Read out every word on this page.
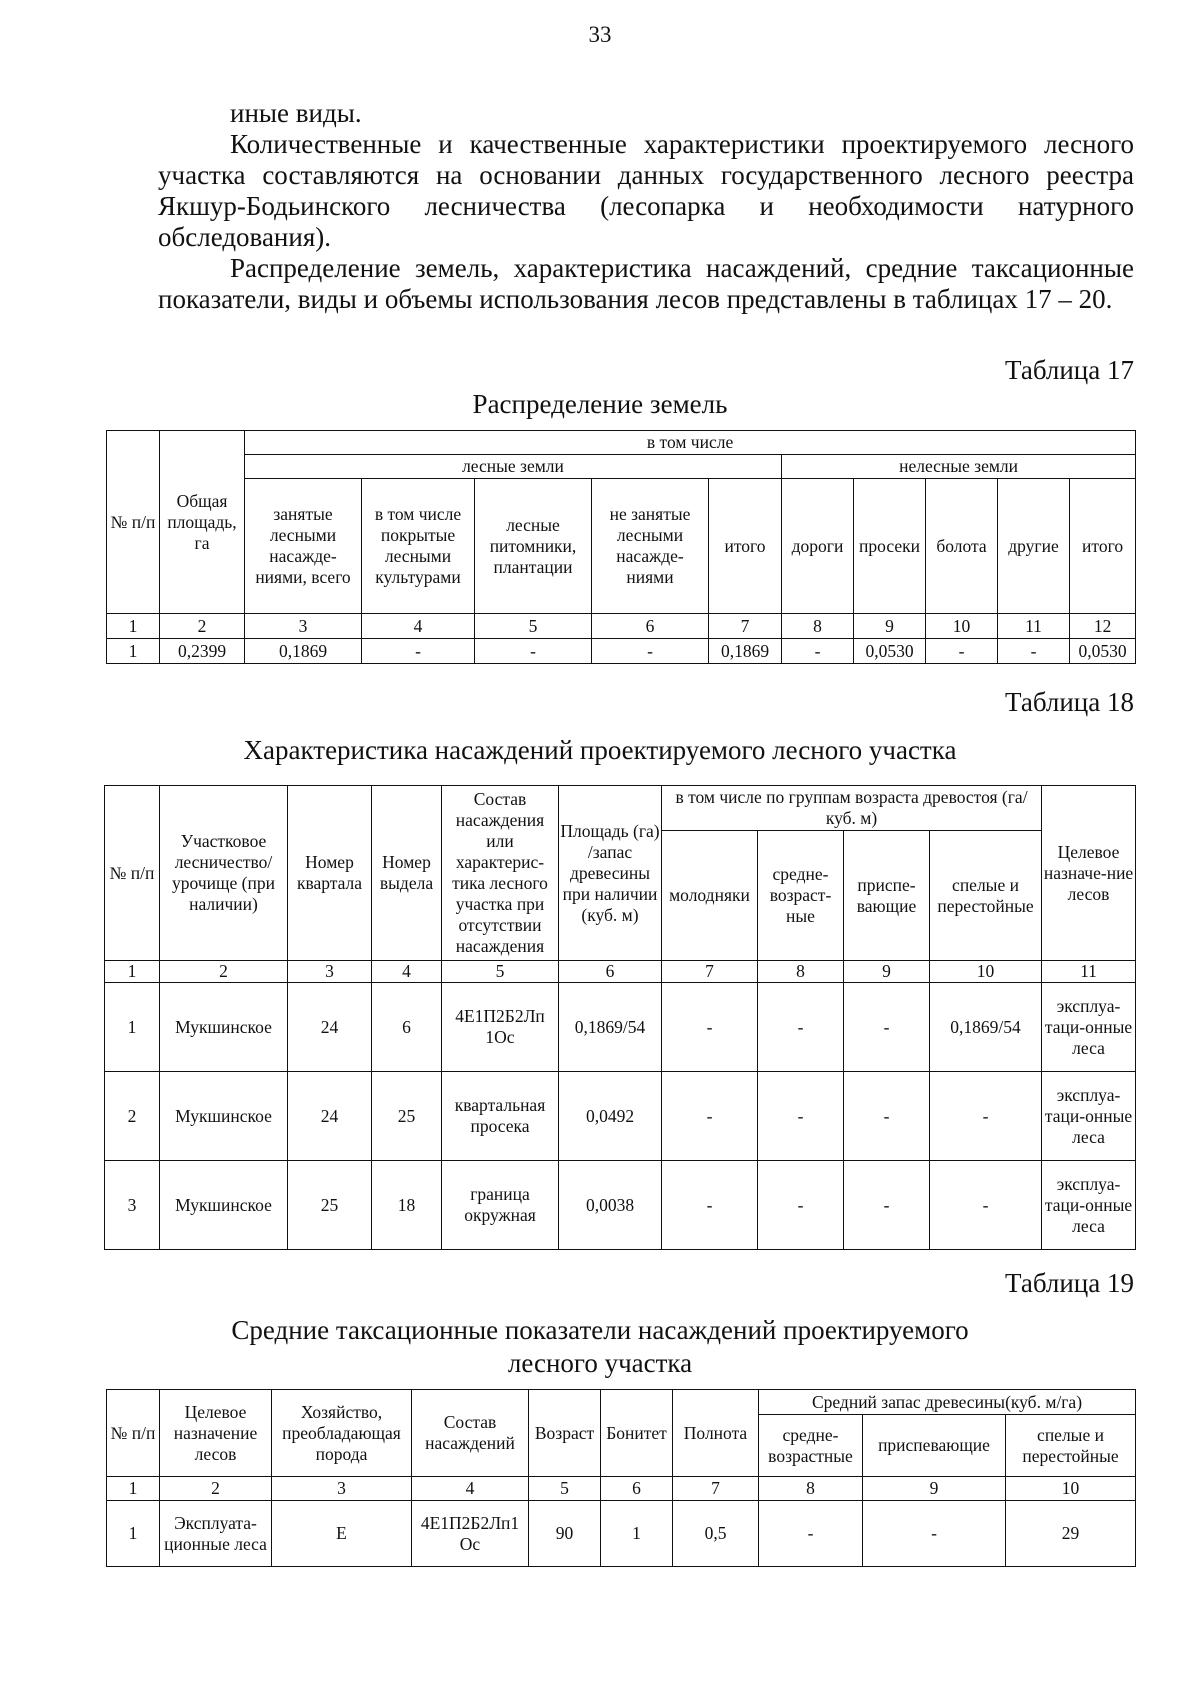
33

иные виды.

Количественные и качественные характеристики проектируемого лесного участка составляются на основании данных государственного лесного реестра Якшур-Бодьинского лесничества (лесопарка и необходимости натурного обследования).

Распределение земель, характеристика насаждений, средние таксационные показатели, виды и объемы использования лесов представлены в таблицах 17 – 20.

Таблица 17
Распределение земель
№ п/п	Общая площадь, га	в том числе									
		лесные земли					нелесные земли				
		занятые лесными насажде-ниями, всего	в том числе покрытые лесными культурами	лесные питомники, плантации	не занятые лесными насажде-ниями	итого	дороги	просеки	болота	другие	итого
1	2	3	4	5	6	7	8	9	10	11	12
1	0,2399	0,1869	-	-	-	0,1869	-	0,0530	-	-	0,0530
Таблица 18
Характеристика насаждений проектируемого лесного участка
№ п/п	Участковое лесничество/ урочище (при наличии)	Номер квартала	Номер выдела	Состав насаждения или характерис-тика лесного участка при отсутствии насаждения	Площадь (га) /запас древесины при наличии (куб. м)	в том числе по группам возраста древостоя (га/куб. м)				Целевое назначе-ние лесов
						молодняки	средне-возраст-ные	приспе-вающие	спелые и перестойные	
1	2	3	4	5	6	7	8	9	10	11
1	Мукшинское	24	6	4Е1П2Б2Лп 1Ос	0,1869/54	-	-	-	0,1869/54	эксплуа-таци-онные леса
2	Мукшинское	24	25	квартальная просека	0,0492	-	-	-	-	эксплуа-таци-онные леса
3	Мукшинское	25	18	граница окружная	0,0038	-	-	-	-	эксплуа-таци-онные леса
Таблица 19
Средние таксационные показатели насаждений проектируемого
лесного участка
№ п/п	Целевое назначение лесов	Хозяйство, преобладающая порода	Состав насаждений	Возраст	Бонитет	Полнота	Средний запас древесины(куб. м/га)		
							средне-возрастные	приспевающие	спелые и перестойные
1	2	3	4	5	6	7	8	9	10
1	Эксплуата-ционные леса	Е	4Е1П2Б2Лп1 Ос	90	1	0,5	-	-	29
